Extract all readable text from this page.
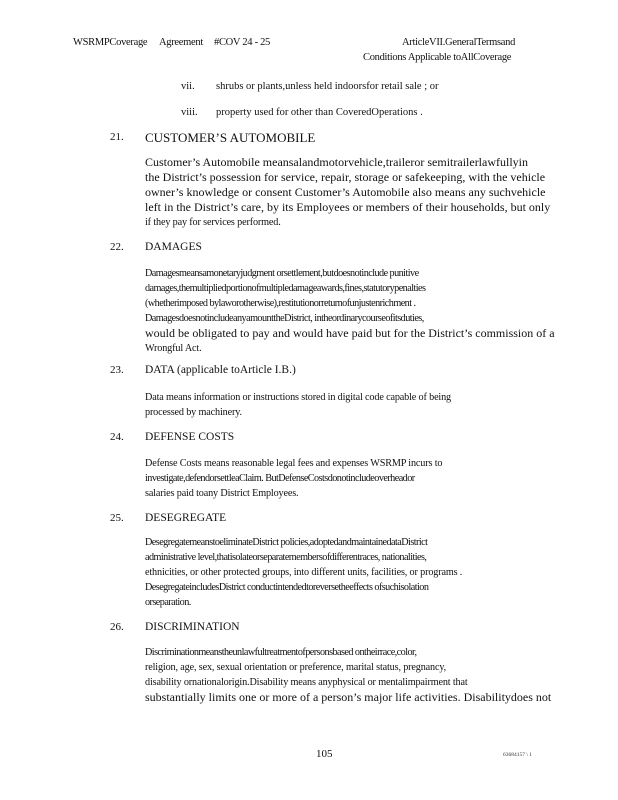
WSRMPCoverage Agreement #COV 24 - 25	ArticleVII.GeneralTermsand
Conditions Applicable toAllCoverage
vii. shrubs or plants,unless held indoorsfor retail sale ; or
viii. property used for other than CoveredOperations .
21. CUSTOMER’S AUTOMOBILE
Customer’s Automobile meansalandmotorvehicle,traileror semitrailerlawfullyin
the District’s possession for service, repair, storage or safekeeping, with the vehicle
owner’s knowledge or consent Customer’s Automobile also means any suchvehicle
left in the District’s care, by its Employees or members of their households, but only
if they pay for services performed.
22. DAMAGES
Damagesmeansamonetaryjudgment orsettlement,butdoesnotinclude punitive
damages,themultipliedportionofmultipledamageawards,fines,statutorypenalties
(whetherimposed bylaworotherwise),restitutionorreturnofunjustenrichment .
DamagesdoesnotincludeanyamounttheDistrict, intheordinarycourseofitsduties,
would be obligated to pay and would have paid but for the District’s commission of a
Wrongful Act.
23. DATA (applicable toArticle I.B.)
Data means information or instructions stored in digital code capable of being
processed by machinery.
24. DEFENSE COSTS
Defense Costs means reasonable legal fees and expenses WSRMP incurs to
investigate,defendorsettleaClaim. ButDefenseCostsdonotincludeoverheador
salaries paid toany District Employees.
25. DESEGREGATE
DesegregatemeanstoeliminateDistrict policies,adoptedandmaintainedataDistrict
administrative level,thatisolateorseparatemembersofdifferentraces, nationalities,
ethnicities, or other protected groups, into different units, facilities, or programs .
DesegregateincludesDistrict conductintendedtoreversetheeffects ofsuchisolation
orseparation.
26. DISCRIMINATION
Discriminationmeanstheunlawfultreatmentofpersonsbased ontheirrace,color,
religion, age, sex, sexual orientation or preference, marital status, pregnancy,
disability ornationalorigin.Disability means anyphysical or mentalimpairment that
substantially limits one or more of a person’s major life activities. Disabilitydoes not
105	63684157 \ 1
